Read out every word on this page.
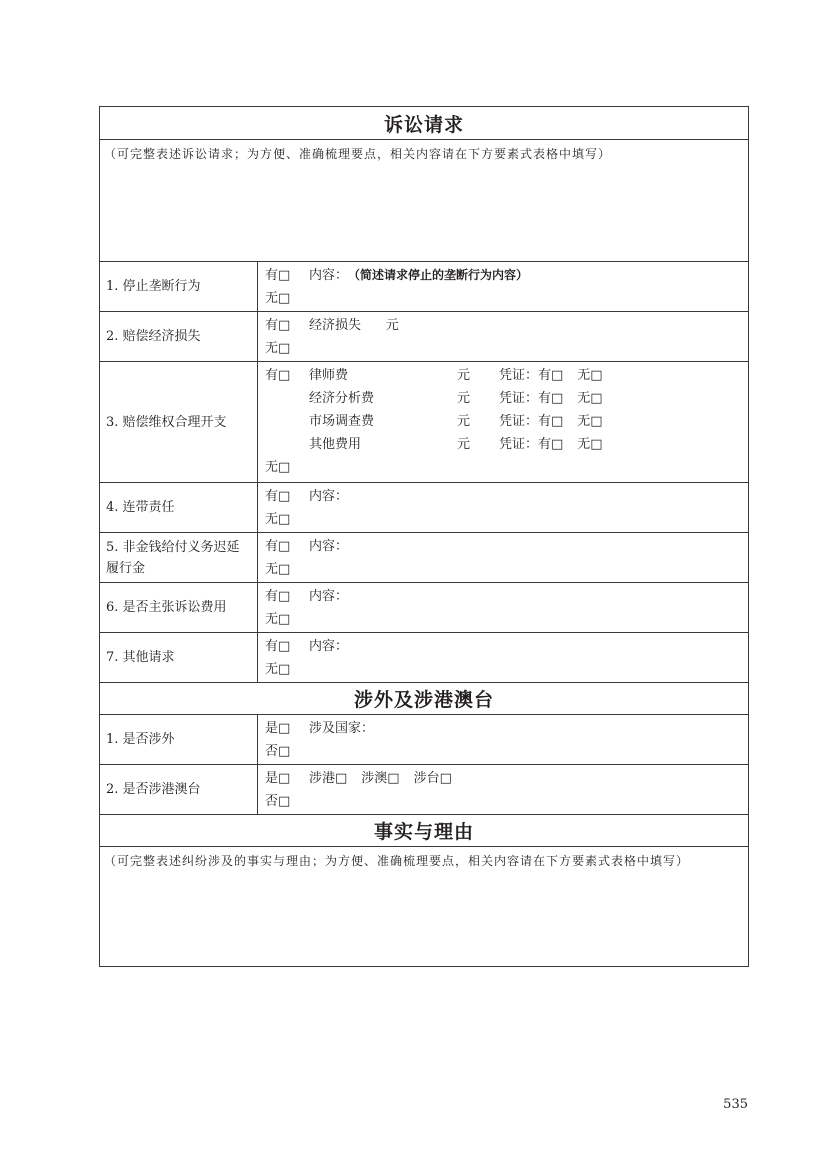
诉讼请求
（可完整表述诉讼请求；为方便、准确梳理要点，相关内容请在下方要素式表格中填写）
1. 停止垄断行为
有□	内容： （简述请求停止的垄断行为内容）
无□
2. 赔偿经济损失
有□	经济损失      元
无□
3. 赔偿维权合理开支
有□	律师费	元	凭证：有□ 无□
经济分析费	元	凭证：有□ 无□
市场调查费	元	凭证：有□ 无□
其他费用	元	凭证：有□ 无□
无□
4. 连带责任
有□	内容：
无□
5. 非金钱给付义务迟延履行金
有□	内容：
无□
6. 是否主张诉讼费用
有□	内容：
无□
7. 其他请求
有□	内容：
无□
涉外及涉港澳台
1. 是否涉外
是□	涉及国家：
否□
2. 是否涉港澳台
是□	涉港□ 涉澳□ 涉台□
否□
事实与理由
（可完整表述纠纷涉及的事实与理由；为方便、准确梳理要点，相关内容请在下方要素式表格中填写）
535
